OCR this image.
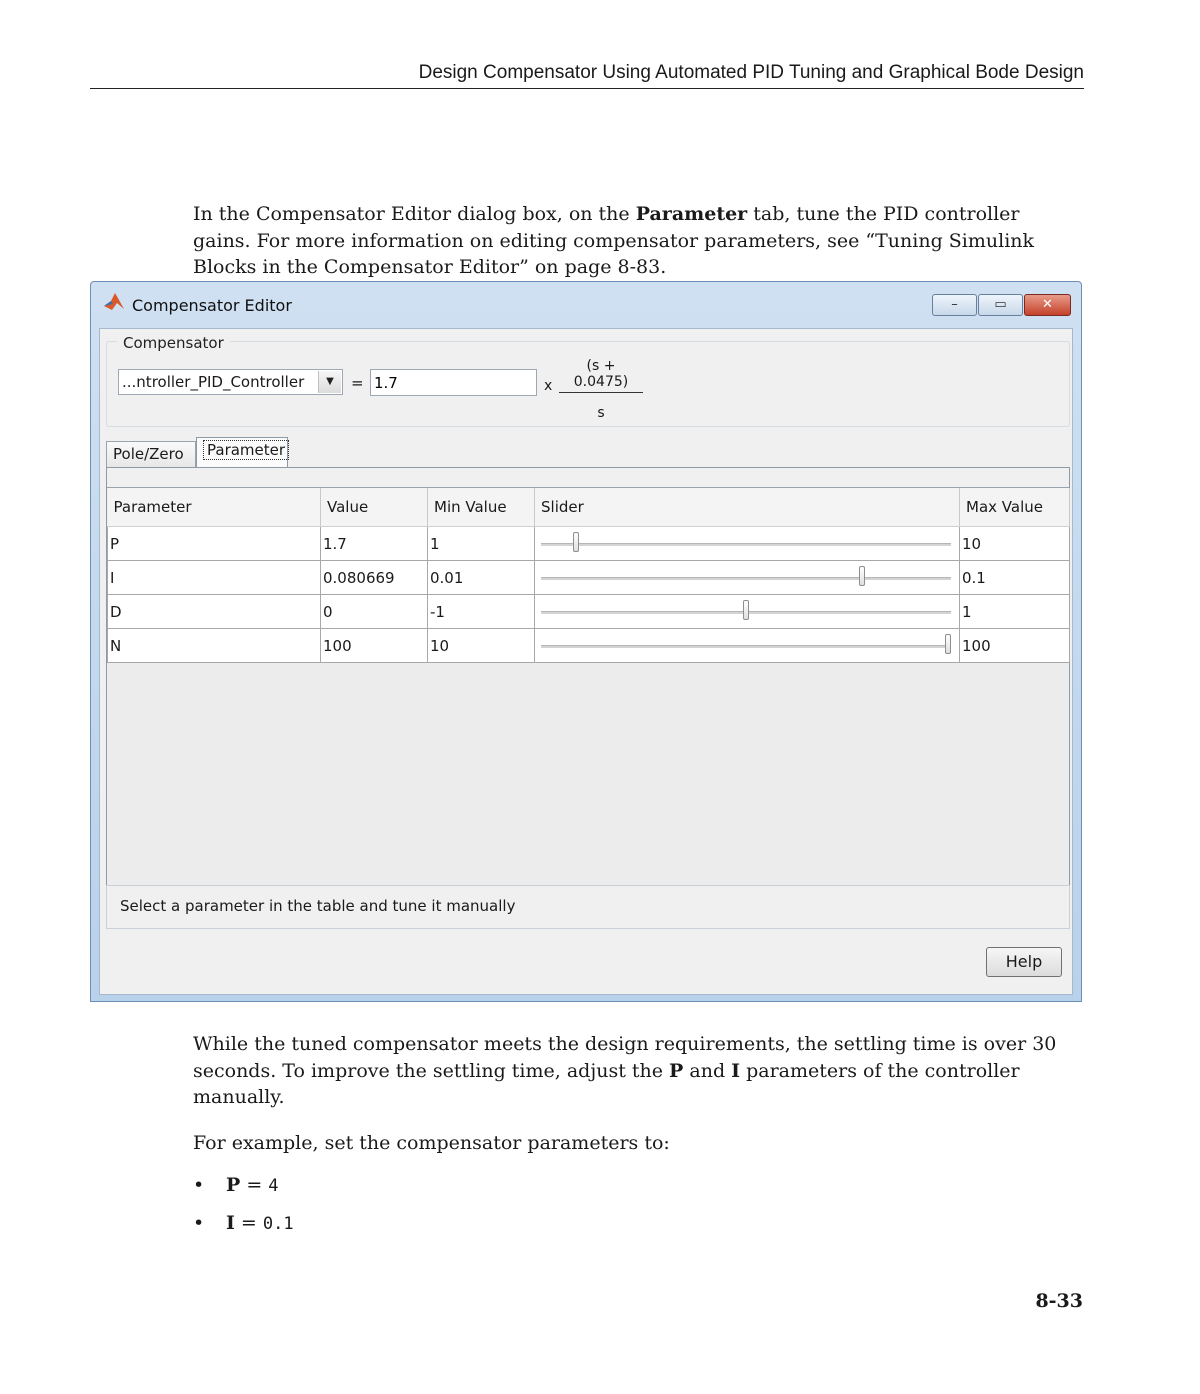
Design Compensator Using Automated PID Tuning and Graphical Bode Design
In the Compensator Editor dialog box, on the Parameter tab, tune the PID controller gains. For more information on editing compensator parameters, see “Tuning Simulink Blocks in the Compensator Editor” on page 8-83.
Compensator Editor	–	▭	✕
Compensator
...ntroller_PID_Controller	▼	=
1.7	x $\frac{(s + 0.0475)}{s}$
Pole/Zero	Parameter
Parameter	Value	Min Value	Slider	Max Value
P	1.7	1		10
I	0.080669	0.01		0.1
D	0	-1		1
N	100	10		100
Select a parameter in the table and tune it manually
Help
While the tuned compensator meets the design requirements, the settling time is over 30 seconds. To improve the settling time, adjust the P and I parameters of the controller manually.
For example, set the compensator parameters to:
• P = 4
• I = 0.1
8-33
